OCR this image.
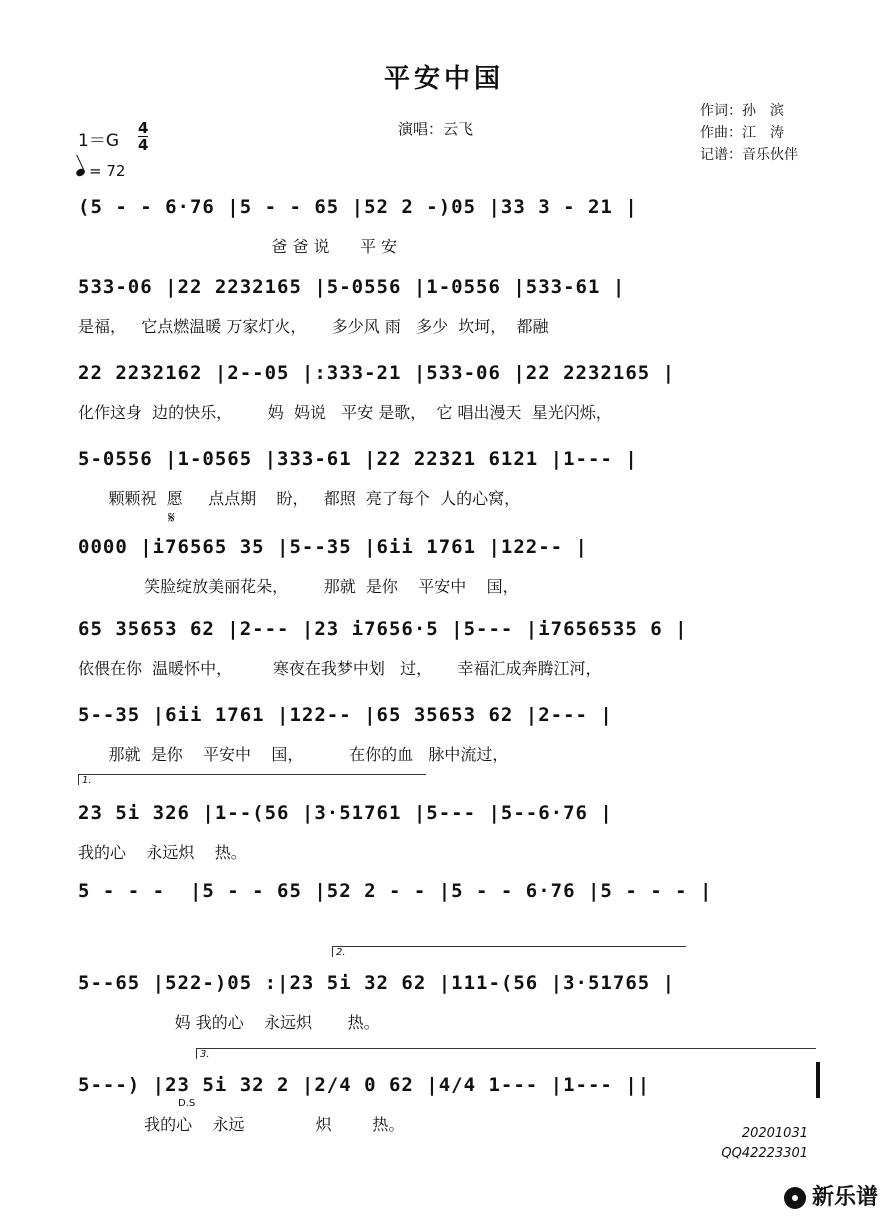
平安中国
演唱：云飞
作词：孙　滨
作曲：江　涛
记谱：音乐伙伴
1＝G
4
4
= 72
(5 - - 6·76 |5 - - 65 |52 2 -)05 |33 3 - 21 |
爸 爸 说      平 安
533-06 |22 2232165 |5-0556 |1-0556 |533-61 |
是福，   它点燃温暖 万家灯火，     多少风 雨   多少  坎坷，  都融
22 2232162 |2--05 |:333-21 |533-06 |22 2232165 |
化作这身  边的快乐，       妈  妈说   平安 是歌，  它 唱出漫天  星光闪烁，
5-0556 |1-0565 |333-61 |22 22321 6121 |1--- |
颗颗祝  愿     点点期    盼，   都照  亮了每个  人的心窝，
𝄋
0000 |i76565 35 |5--35 |6ii 1761 |122-- |
笑脸绽放美丽花朵，       那就  是你    平安中    国，
65 35653 62 |2--- |23 i7656·5 |5--- |i7656535 6 |
依偎在你  温暖怀中，        寒夜在我梦中划   过，     幸福汇成奔腾江河，
5--35 |6ii 1761 |122-- |65 35653 62 |2--- |
那就  是你    平安中    国，         在你的血   脉中流过，
1.
23 5i 326 |1--(56 |3·51761 |5--- |5--6·76 |
我的心    永远炽    热。
5 - - -  |5 - - 65 |52 2 - - |5 - - 6·76 |5 - - - |
2.
5--65 |522-)05 :|23 5i 32 62 |111-(56 |3·51765 |
妈 我的心    永远炽       热。
3.
D.S
5---) |23 5i 32 2 |2/4 0 62 |4/4 1--- |1--- ||
我的心    永远              炽        热。	20201031
QQ42223301
新乐谱
